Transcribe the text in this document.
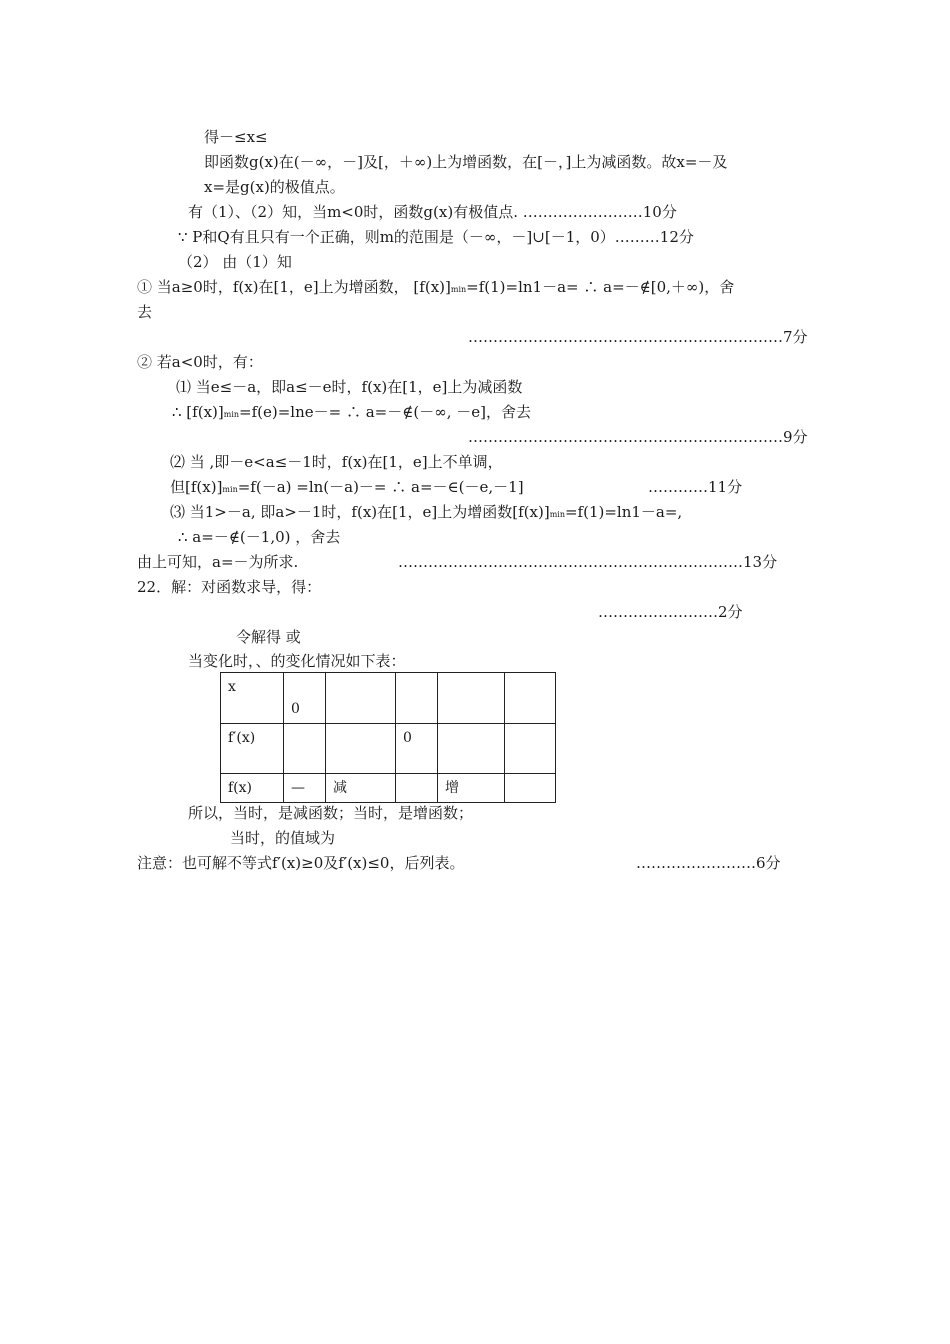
得－≤x≤
即函数g(x)在(－∞，－]及[，＋∞)上为增函数，在[－，]上为减函数。故x=－及
x=是g(x)的极值点。
有（1）、（2）知，当m<0时，函数g(x)有极值点. ……………………10分
∵ P和Q有且只有一个正确，则m的范围是（－∞，－]∪[－1，0）………12分
（2） 由（1）知
① 当a≥0时，f(x)在[1，e]上为增函数， [f(x)]min=f(1)=ln1－a= ∴ a=－∉[0,＋∞)，舍
去
………………………………………………………7分
② 若a<0时，有：
⑴ 当e≤－a，即a≤－e时，f(x)在[1，e]上为减函数
∴ [f(x)]min=f(e)=lne－= ∴ a=－∉(－∞, －e]，舍去
………………………………………………………9分
⑵ 当 ,即－e<a≤－1时，f(x)在[1，e]上不单调，
但[f(x)]min=f(－a) =ln(－a)－= ∴ a=－∈(－e,－1]	…………11分
⑶ 当1>－a, 即a>－1时，f(x)在[1，e]上为增函数[f(x)]min=f(1)=ln1－a=,
∴ a=－∉(－1,0) ，舍去
由上可知，a=－为所求.	……………………………………………………………13分
22．解：对函数求导，得：
……………………2分
令解得 或
当变化时，、的变化情况如下表：
x	0				
f′(x)			0		
f(x)	—	减		增	
所以，当时，是减函数；当时，是增函数；
当时，的值域为
注意：也可解不等式f′(x)≥0及f′(x)≤0，后列表。	……………………6分
